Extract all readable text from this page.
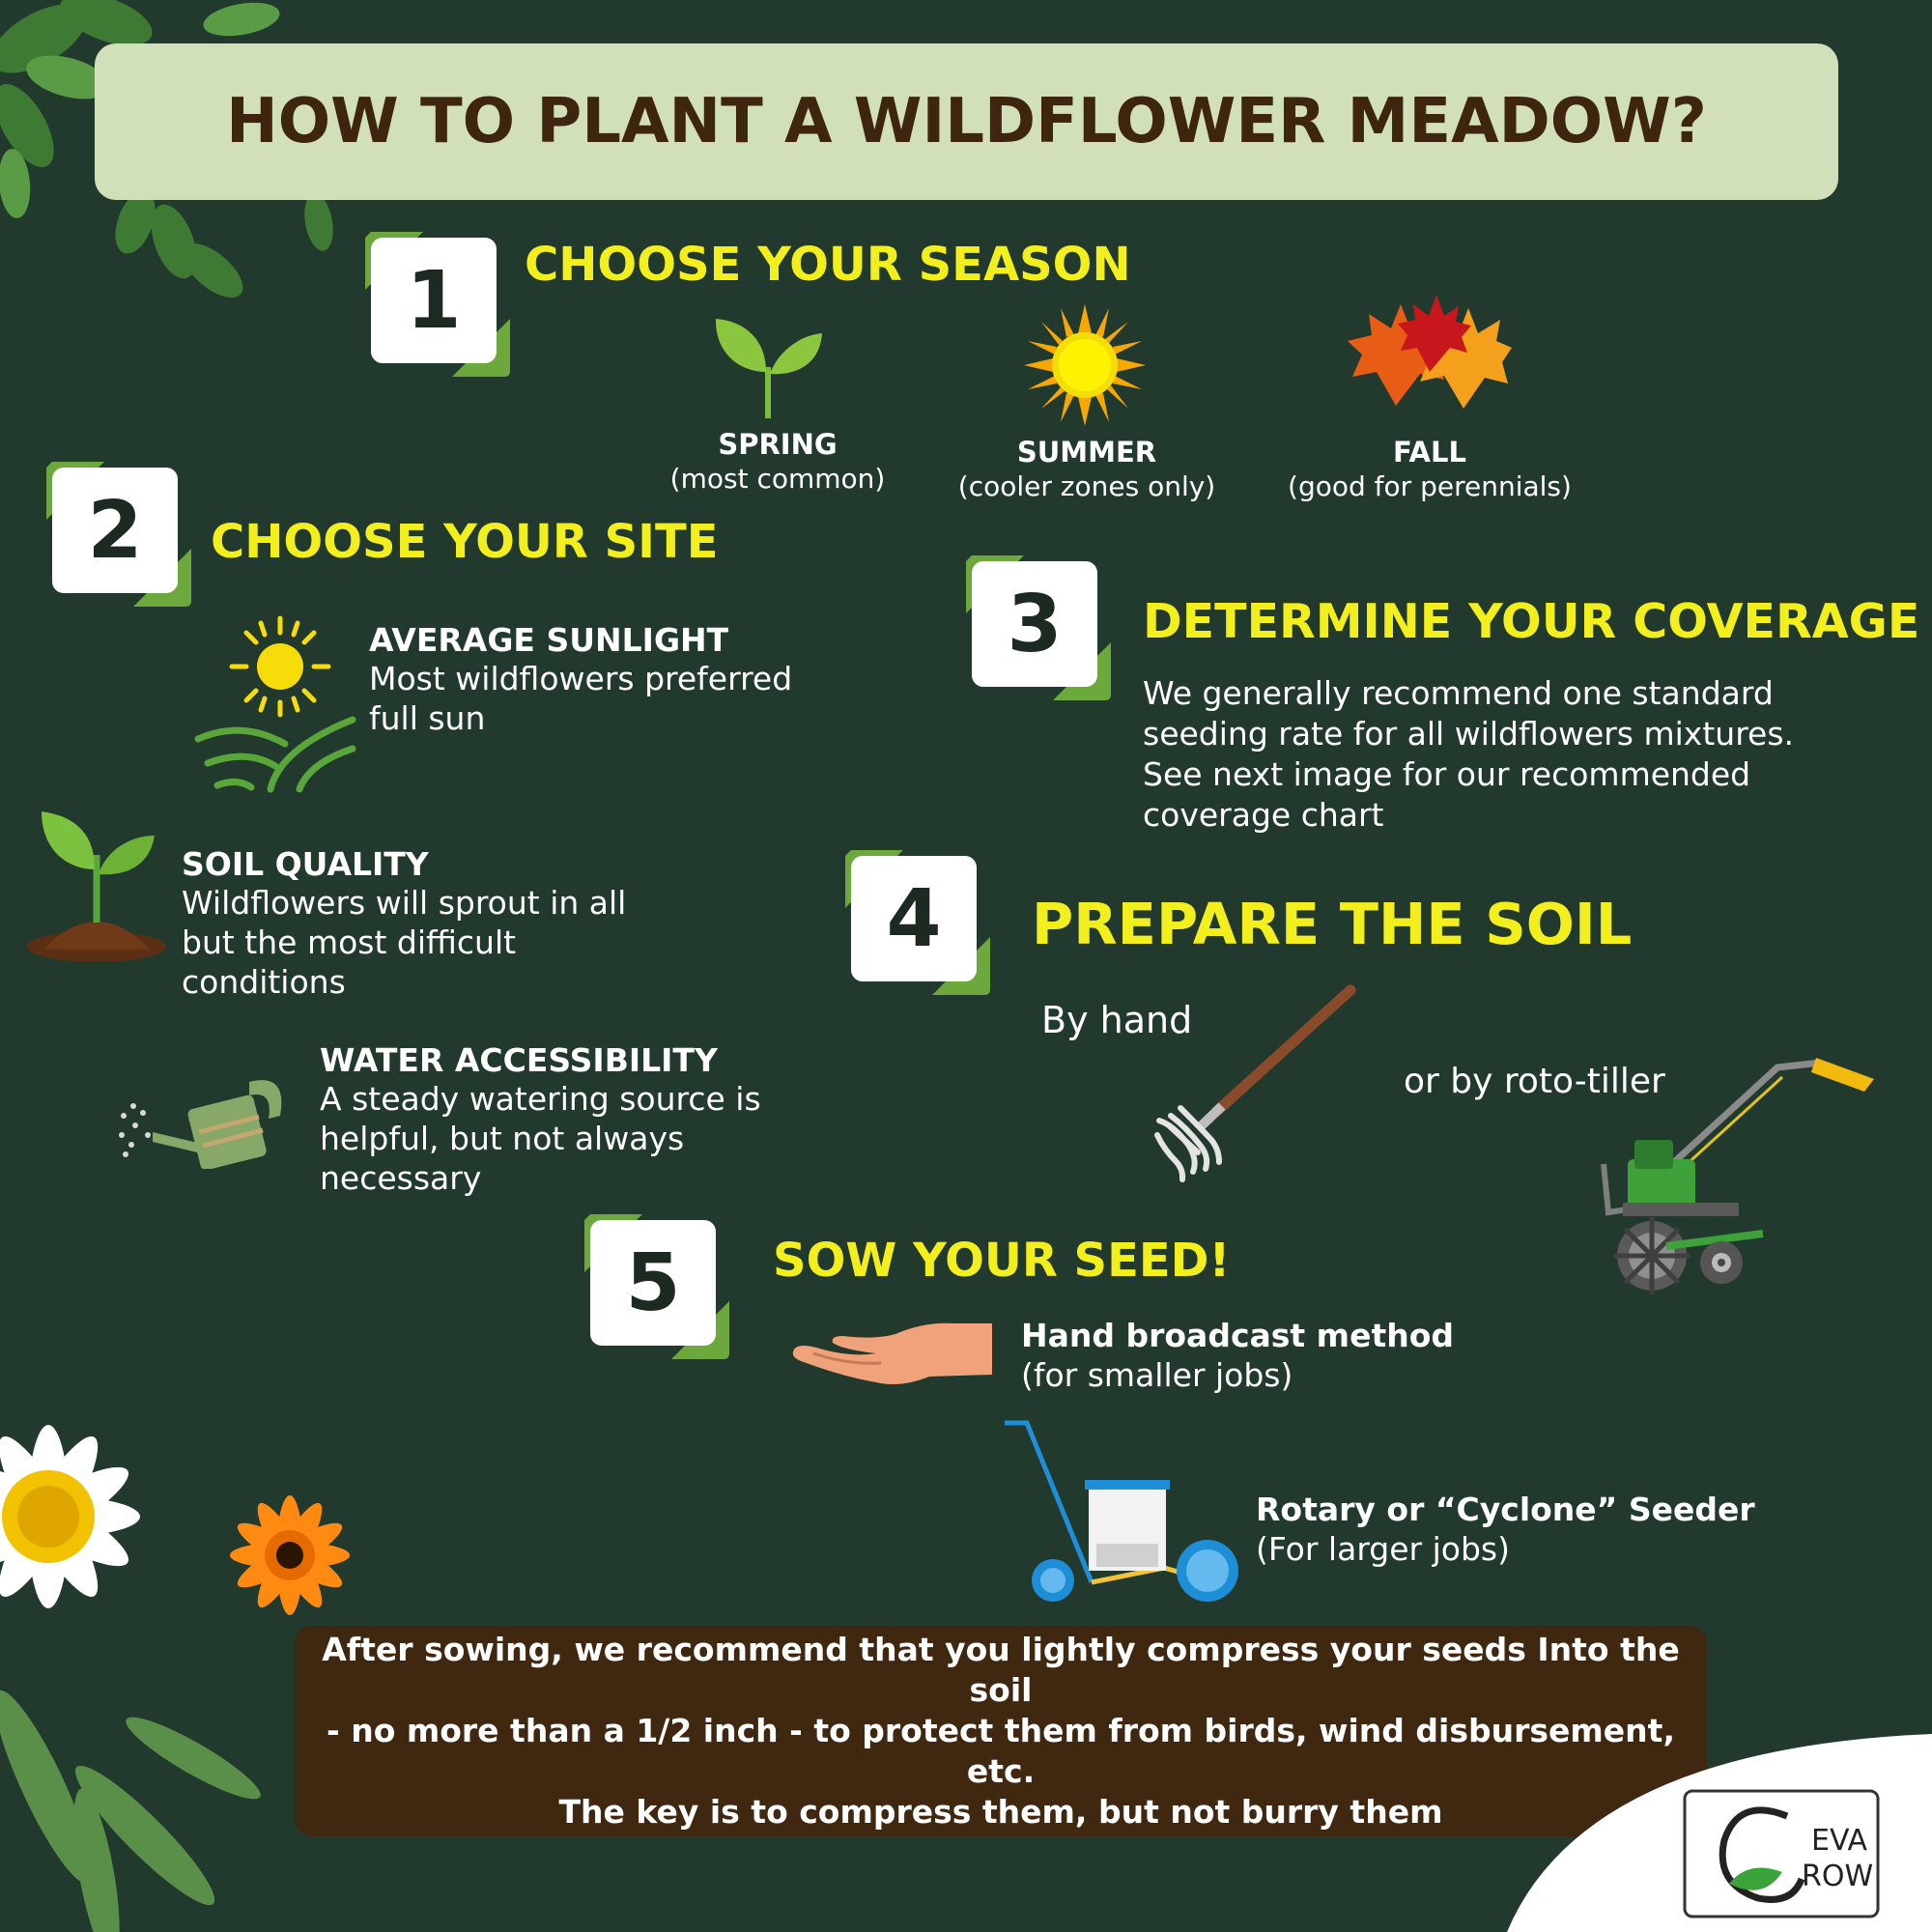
HOW TO PLANT A WILDFLOWER MEADOW?
1	CHOOSE YOUR SEASON
SPRING
(most common)
SUMMER
(cooler zones only)
FALL
(good for perennials)
2	CHOOSE YOUR SITE
AVERAGE SUNLIGHT
Most wildflowers preferred
full sun
SOIL QUALITY
Wildflowers will sprout in all
but the most difficult
conditions
WATER ACCESSIBILITY
A steady watering source is
helpful, but not always
necessary
3	DETERMINE YOUR COVERAGE
We generally recommend one standard
seeding rate for all wildflowers mixtures.
See next image for our recommended
coverage chart
4	PREPARE THE SOIL
By hand
or by roto-tiller
5	SOW YOUR SEED!
Hand broadcast method
(for smaller jobs)
Rotary or “Cyclone” Seeder
(For larger jobs)
After sowing, we recommend that you lightly compress your seeds Into the soil
- no more than a 1/2 inch - to protect them from birds, wind disbursement, etc.
The key is to compress them, but not burry them
EVA
ROW
